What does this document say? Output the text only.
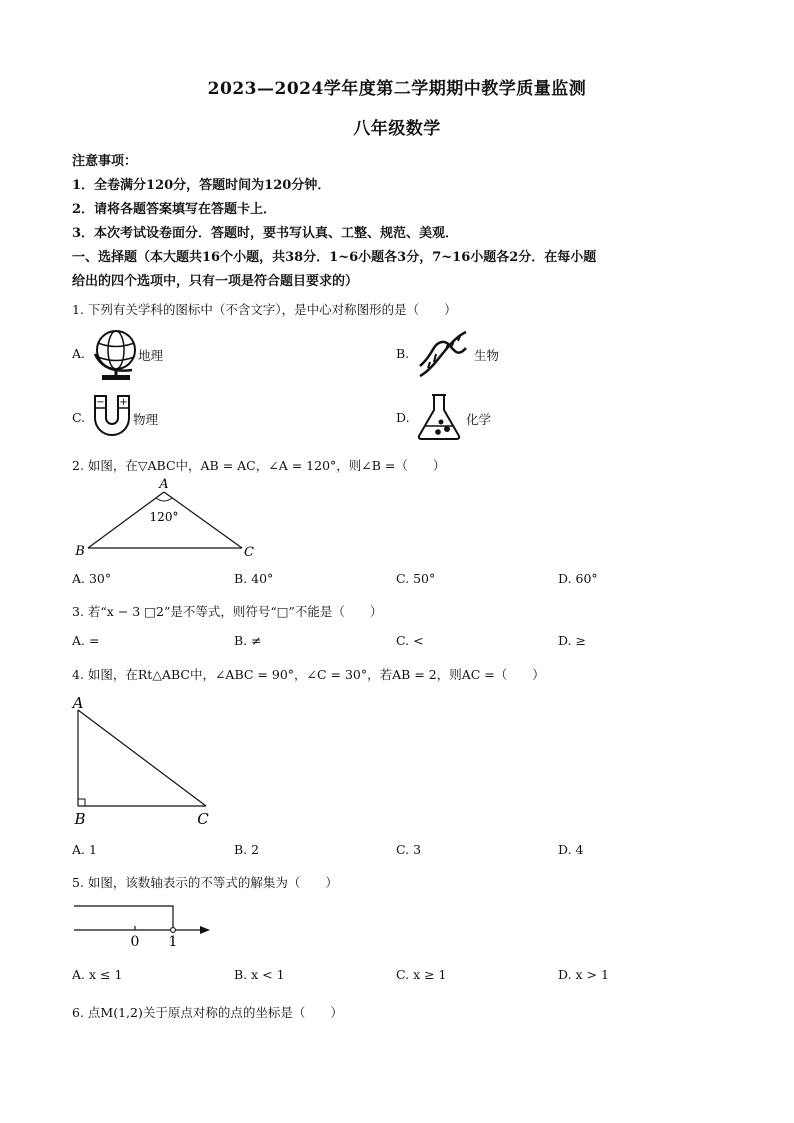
2023—2024学年度第二学期期中教学质量监测
八年级数学
注意事项：
1．全卷满分120分，答题时间为120分钟．
2．请将各题答案填写在答题卡上．
3．本次考试设卷面分．答题时，要书写认真、工整、规范、美观．
一、选择题（本大题共16个小题，共38分．1~6小题各3分，7~16小题各2分．在每小题
给出的四个选项中，只有一项是符合题目要求的）
1. 下列有关学科的图标中（不含文字），是中心对称图形的是（　　）
A.	地理	B.	生物
C.
− +
物理	D.	化学
2. 如图，在▽ABC中，AB = AC，∠A = 120°，则∠B =（　　）
A
B	C
120°
A. 30°	B. 40°	C. 50°	D. 60°
3. 若“x − 3 □2”是不等式，则符号“□”不能是（　　）
A. =	B. ≠	C. <	D. ≥
4. 如图，在Rt△ABC中，∠ABC = 90°，∠C = 30°，若AB = 2，则AC =（　　）
A
B	C
A. 1	B. 2	C. 3	D. 4
5. 如图，该数轴表示的不等式的解集为（　　）
0 1
A. x ≤ 1	B. x < 1	C. x ≥ 1	D. x > 1
6. 点M(1,2)关于原点对称的点的坐标是（　　）
